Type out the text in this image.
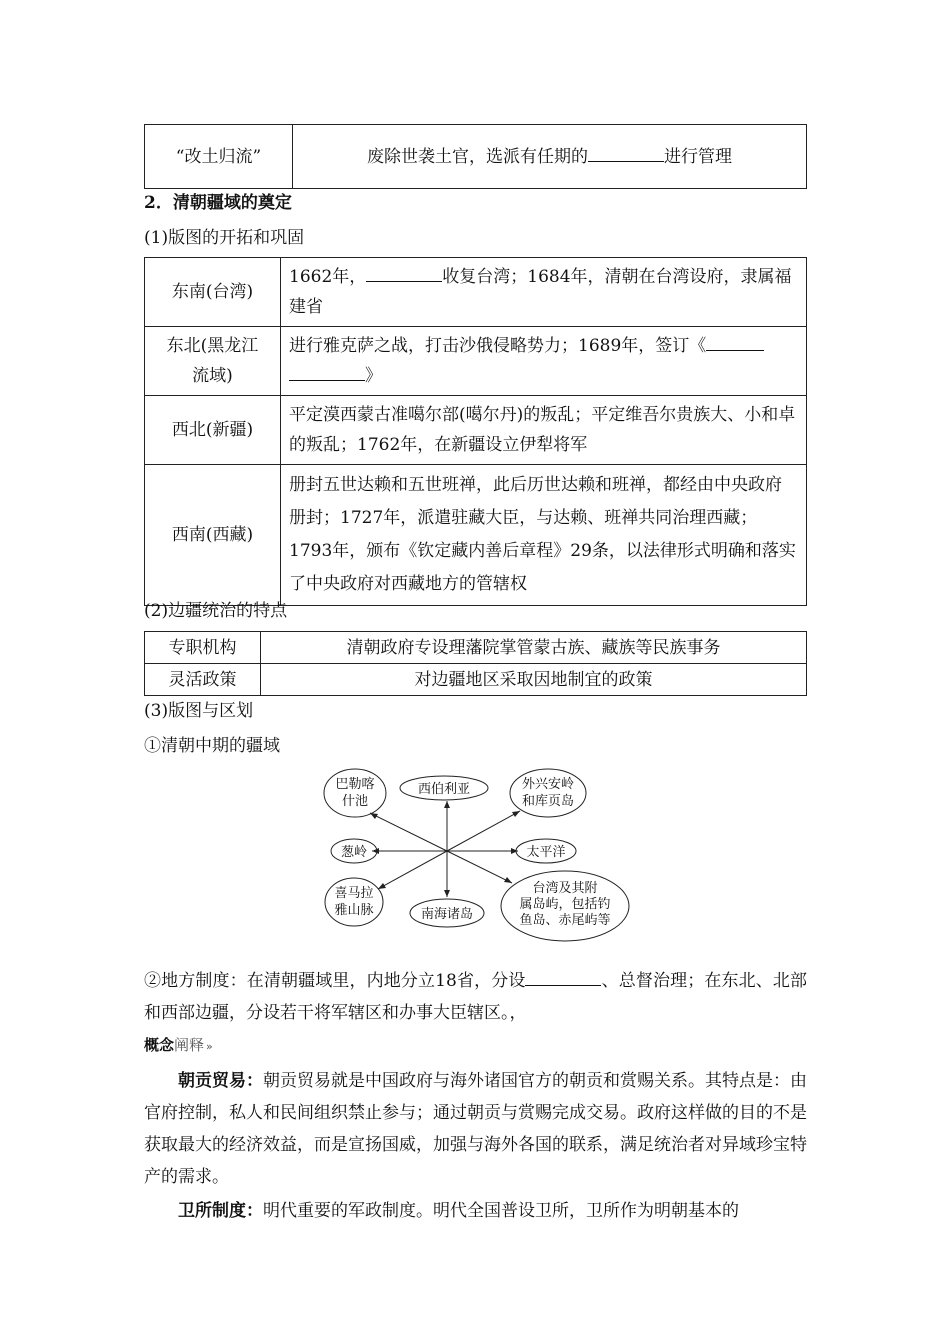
“改土归流”	废除世袭土官，选派有任期的	进行管理
2．清朝疆域的奠定
(1)版图的开拓和巩固
东南(台湾)	1662年， 收复台湾；1684年，清朝在台湾设府，隶属福建省
东北(黑龙江流域)	进行雅克萨之战，打击沙俄侵略势力；1689年，签订《
》
西北(新疆)	平定漠西蒙古准噶尔部(噶尔丹)的叛乱；平定维吾尔贵族大、小和卓的叛乱；1762年，在新疆设立伊犁将军
西南(西藏)	册封五世达赖和五世班禅，此后历世达赖和班禅，都经由中央政府册封；1727年，派遣驻藏大臣，与达赖、班禅共同治理西藏；1793年，颁布《钦定藏内善后章程》29条，以法律形式明确和落实了中央政府对西藏地方的管辖权
(2)边疆统治的特点
专职机构	清朝政府专设理藩院掌管蒙古族、藏族等民族事务
灵活政策	对边疆地区采取因地制宜的政策
(3)版图与区划
①清朝中期的疆域
巴勒喀
什池
西伯利亚	外兴安岭
和库页岛
葱岭	太平洋
喜马拉
雅山脉	南海诸岛
台湾及其附
属岛屿，包括钓
鱼岛、赤尾屿等
②地方制度：在清朝疆域里，内地分立18省，分设	、总督治理；在东北、北部和西部边疆，分设若干将军辖区和办事大臣辖区。，
概念阐释 »
朝贡贸易：朝贡贸易就是中国政府与海外诸国官方的朝贡和赏赐关系。其特点是：由官府控制，私人和民间组织禁止参与；通过朝贡与赏赐完成交易。政府这样做的目的不是获取最大的经济效益，而是宣扬国威，加强与海外各国的联系，满足统治者对异域珍宝特产的需求。
卫所制度：明代重要的军政制度。明代全国普设卫所，卫所作为明朝基本的
